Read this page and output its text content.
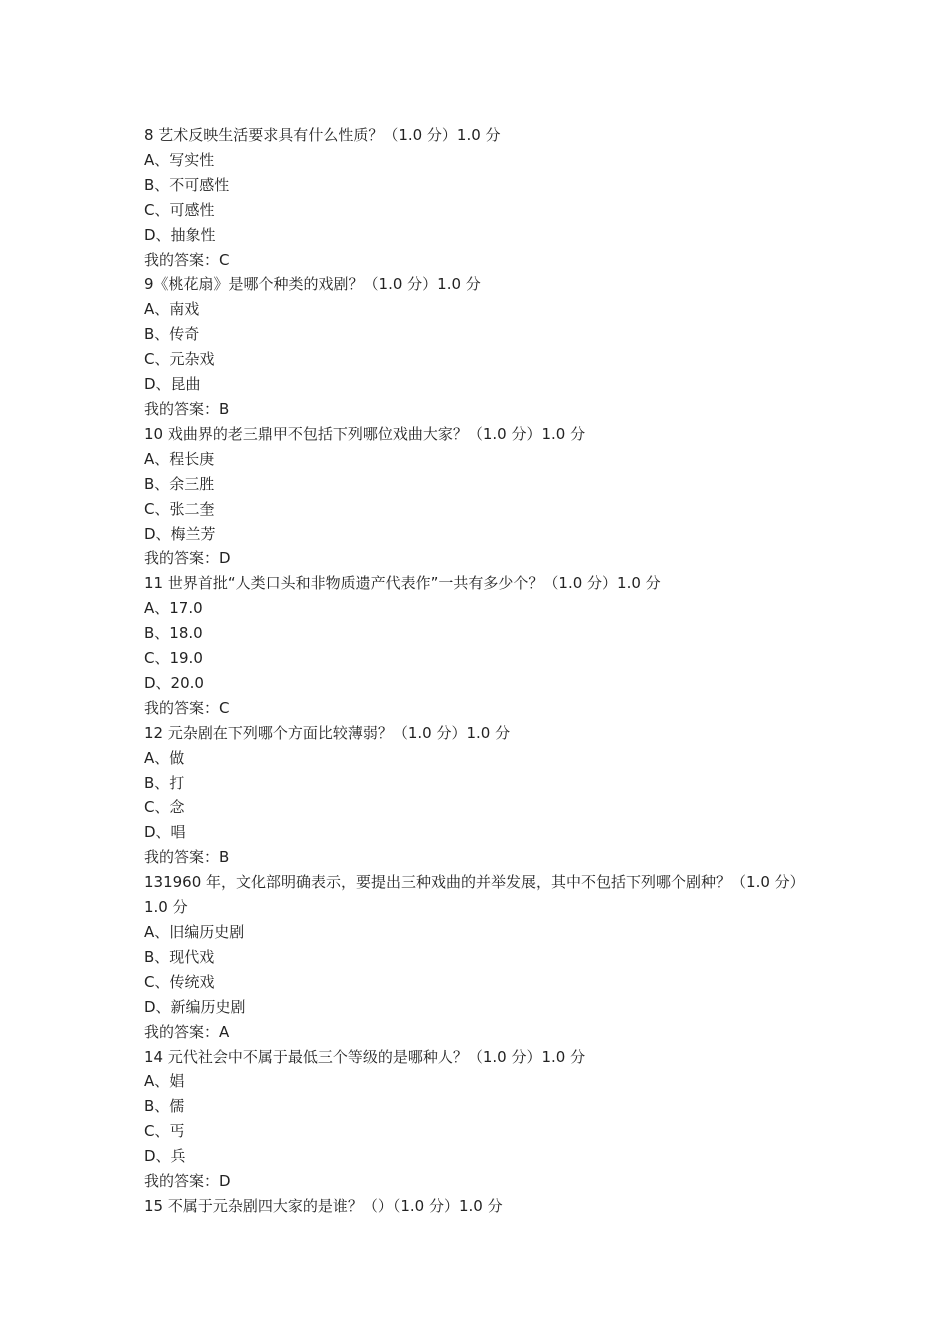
8 艺术反映生活要求具有什么性质？（1.0 分）1.0 分

A、写实性

B、不可感性

C、可感性

D、抽象性

我的答案：C

9《桃花扇》是哪个种类的戏剧？（1.0 分）1.0 分

A、南戏

B、传奇

C、元杂戏

D、昆曲

我的答案：B

10 戏曲界的老三鼎甲不包括下列哪位戏曲大家？（1.0 分）1.0 分

A、程长庚

B、余三胜

C、张二奎

D、梅兰芳

我的答案：D

11 世界首批“人类口头和非物质遗产代表作”一共有多少个？（1.0 分）1.0 分

A、17.0

B、18.0

C、19.0

D、20.0

我的答案：C

12 元杂剧在下列哪个方面比较薄弱？（1.0 分）1.0 分

A、做

B、打

C、念

D、唱

我的答案：B

131960 年，文化部明确表示，要提出三种戏曲的并举发展，其中不包括下列哪个剧种？（1.0 分）1.0 分

A、旧编历史剧

B、现代戏

C、传统戏

D、新编历史剧

我的答案：A

14 元代社会中不属于最低三个等级的是哪种人？（1.0 分）1.0 分

A、娼

B、儒

C、丐

D、兵

我的答案：D

15 不属于元杂剧四大家的是谁？（）（1.0 分）1.0 分
